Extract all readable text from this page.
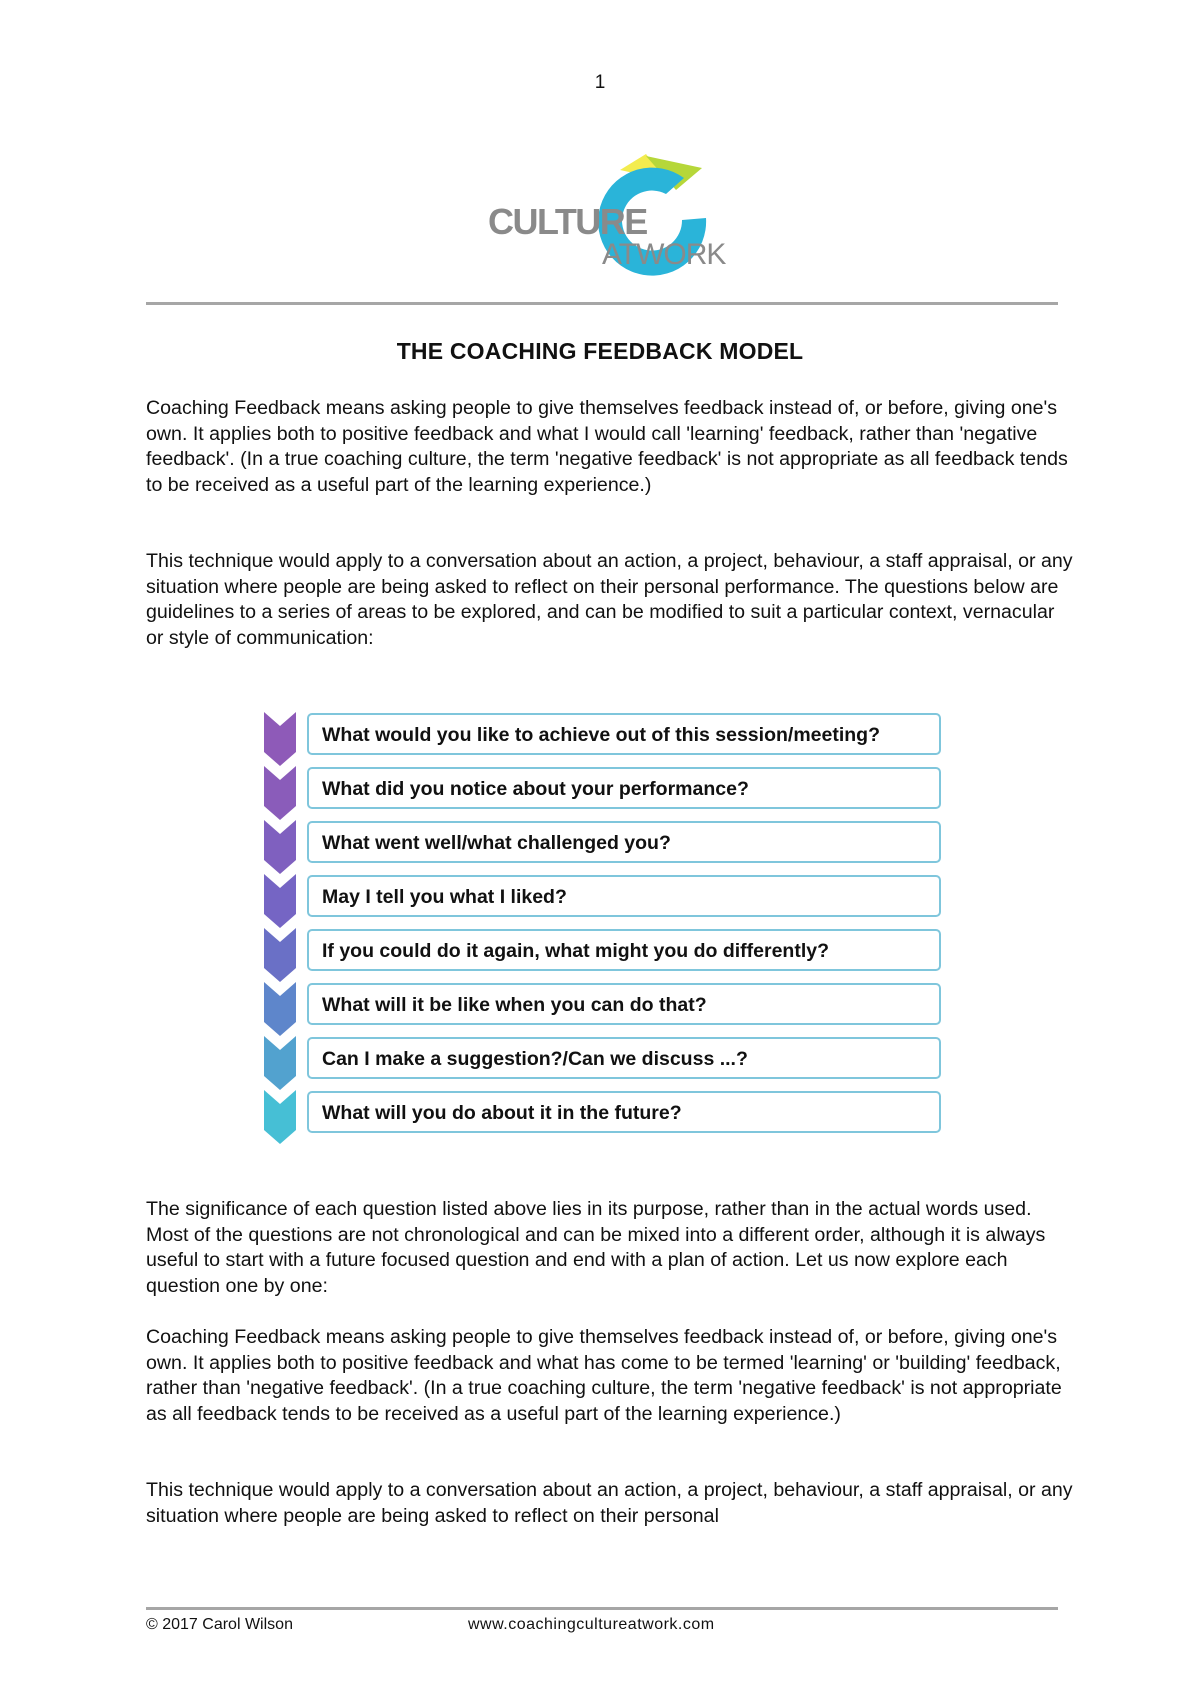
1
CULTURE
ATWORK
THE COACHING FEEDBACK MODEL

Coaching Feedback means asking people to give themselves feedback instead of, or before, giving one's own. It applies both to positive feedback and what I would call 'learning' feedback, rather than 'negative feedback'. (In a true coaching culture, the term 'negative feedback' is not appropriate as all feedback tends to be received as a useful part of the learning experience.)

This technique would apply to a conversation about an action, a project, behaviour, a staff appraisal, or any situation where people are being asked to reflect on their personal performance. The questions below are guidelines to a series of areas to be explored, and can be modified to suit a particular context, vernacular or style of communication:

What would you like to achieve out of this session/meeting?
What did you notice about your performance?
What went well/what challenged you?
May I tell you what I liked?
If you could do it again, what might you do differently?
What will it be like when you can do that?
Can I make a suggestion?/Can we discuss ...?
What will you do about it in the future?

The significance of each question listed above lies in its purpose, rather than in the actual words used. Most of the questions are not chronological and can be mixed into a different order, although it is always useful to start with a future focused question and end with a plan of action. Let us now explore each question one by one:

Coaching Feedback means asking people to give themselves feedback instead of, or before, giving one's own. It applies both to positive feedback and what has come to be termed 'learning' or 'building' feedback, rather than 'negative feedback'. (In a true coaching culture, the term 'negative feedback' is not appropriate as all feedback tends to be received as a useful part of the learning experience.)

This technique would apply to a conversation about an action, a project, behaviour, a staff appraisal, or any situation where people are being asked to reflect on their personal

© 2017 Carol Wilson	www.coachingcultureatwork.com
